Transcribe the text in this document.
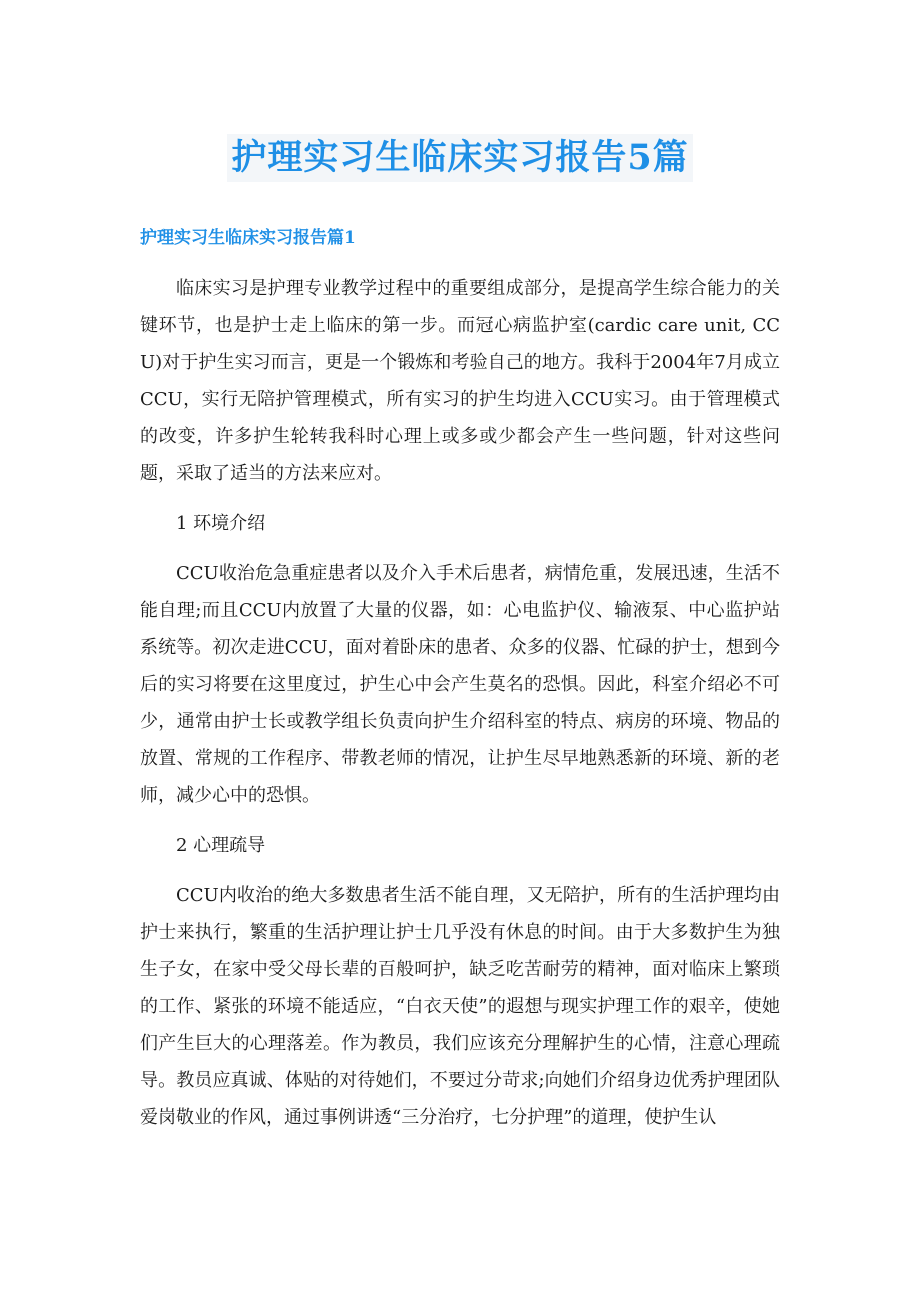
护理实习生临床实习报告5篇
护理实习生临床实习报告篇1

临床实习是护理专业教学过程中的重要组成部分，是提高学生综合能力的关键环节，也是护士走上临床的第一步。而冠心病监护室(cardic care unit, CCU)对于护生实习而言，更是一个锻炼和考验自己的地方。我科于2004年7月成立CCU，实行无陪护管理模式，所有实习的护生均进入CCU实习。由于管理模式的改变，许多护生轮转我科时心理上或多或少都会产生一些问题，针对这些问题，采取了适当的方法来应对。

1 环境介绍

CCU收治危急重症患者以及介入手术后患者，病情危重，发展迅速，生活不能自理;而且CCU内放置了大量的仪器，如：心电监护仪、输液泵、中心监护站系统等。初次走进CCU，面对着卧床的患者、众多的仪器、忙碌的护士，想到今后的实习将要在这里度过，护生心中会产生莫名的恐惧。因此，科室介绍必不可少，通常由护士长或教学组长负责向护生介绍科室的特点、病房的环境、物品的放置、常规的工作程序、带教老师的情况，让护生尽早地熟悉新的环境、新的老师，减少心中的恐惧。

2 心理疏导

CCU内收治的绝大多数患者生活不能自理，又无陪护，所有的生活护理均由护士来执行，繁重的生活护理让护士几乎没有休息的时间。由于大多数护生为独生子女，在家中受父母长辈的百般呵护，缺乏吃苦耐劳的精神，面对临床上繁琐的工作、紧张的环境不能适应，“白衣天使”的遐想与现实护理工作的艰辛，使她们产生巨大的心理落差。作为教员，我们应该充分理解护生的心情，注意心理疏导。教员应真诚、体贴的对待她们，不要过分苛求;向她们介绍身边优秀护理团队爱岗敬业的作风，通过事例讲透“三分治疗，七分护理”的道理，使护生认
